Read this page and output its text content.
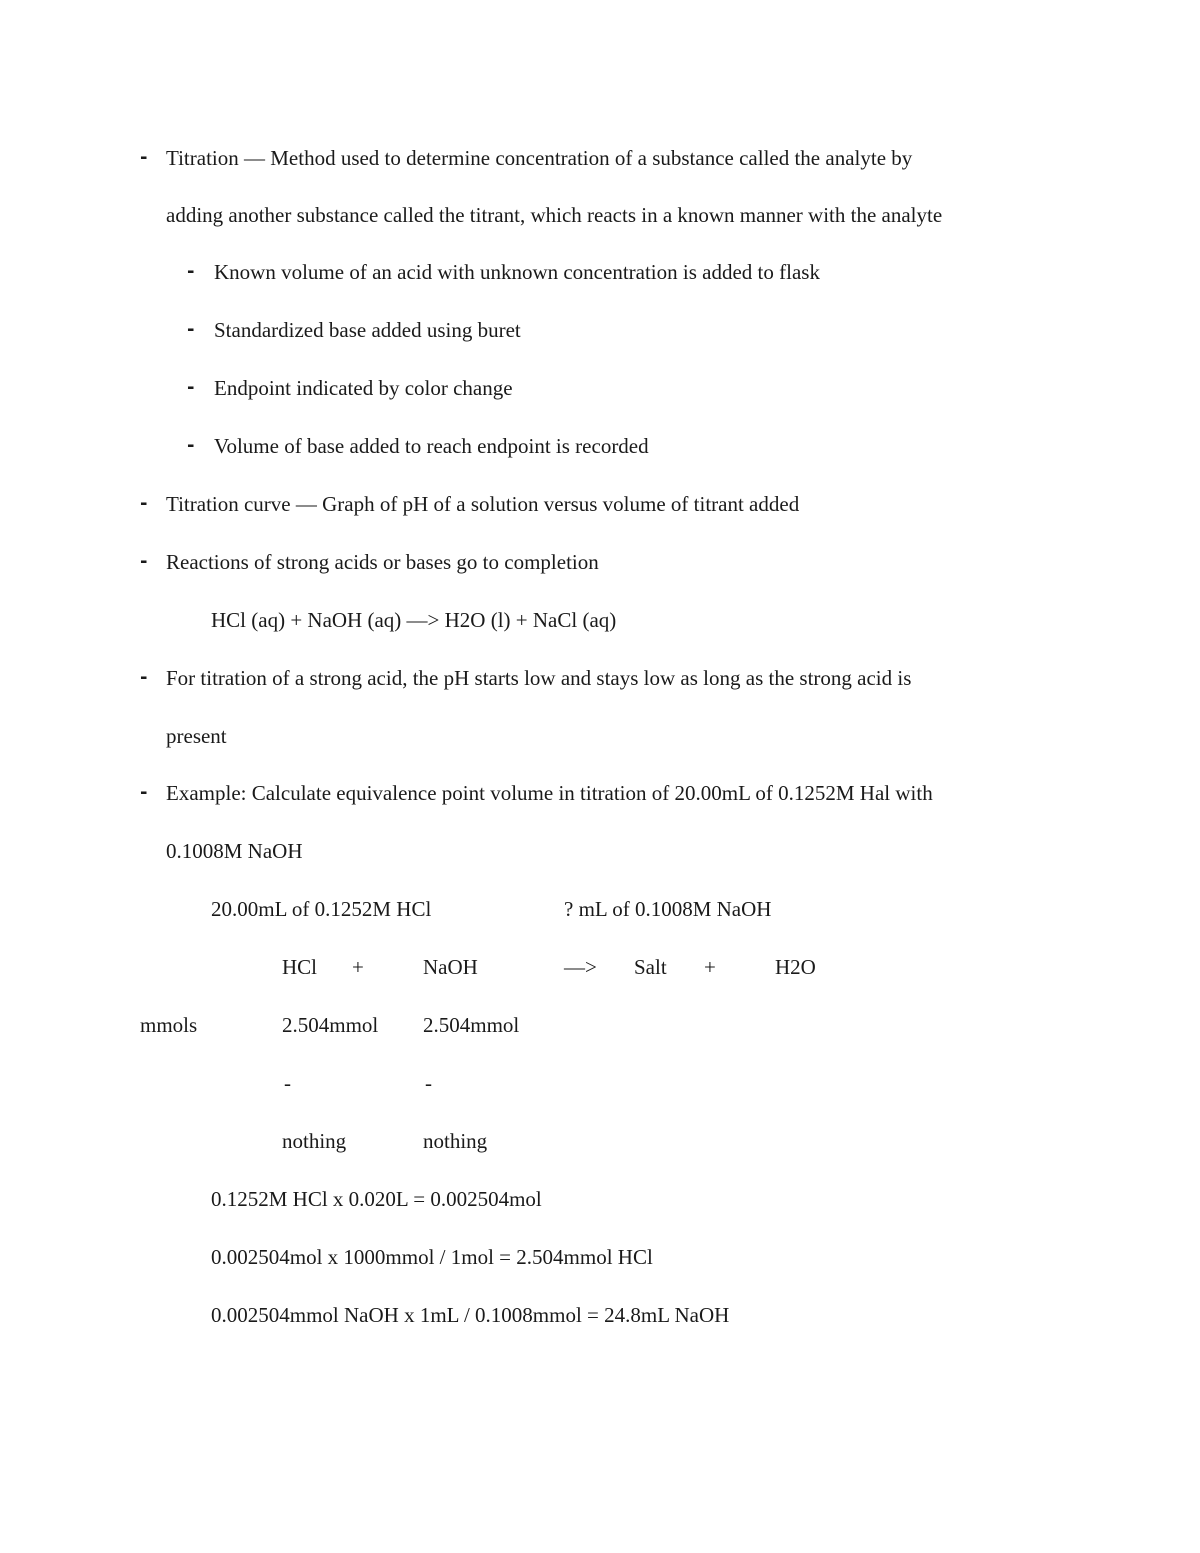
- Titration — Method used to determine concentration of a substance called the analyte by
adding another substance called the titrant, which reacts in a known manner with the analyte
- Known volume of an acid with unknown concentration is added to flask
- Standardized base added using buret
- Endpoint indicated by color change
- Volume of base added to reach endpoint is recorded
- Titration curve — Graph of pH of a solution versus volume of titrant added
- Reactions of strong acids or bases go to completion
HCl (aq) + NaOH (aq) —> H2O (l) + NaCl (aq)
- For titration of a strong acid, the pH starts low and stays low as long as the strong acid is
present
- Example: Calculate equivalence point volume in titration of 20.00mL of 0.1252M Hal with
0.1008M NaOH
20.00mL of 0.1252M HCl	? mL of 0.1008M NaOH
HCl +	NaOH	—> Salt +	H2O
mmols	2.504mmol 2.504mmol
-	-
nothing	nothing
0.1252M HCl x 0.020L = 0.002504mol
0.002504mol x 1000mmol / 1mol = 2.504mmol HCl
0.002504mmol NaOH x 1mL / 0.1008mmol = 24.8mL NaOH
